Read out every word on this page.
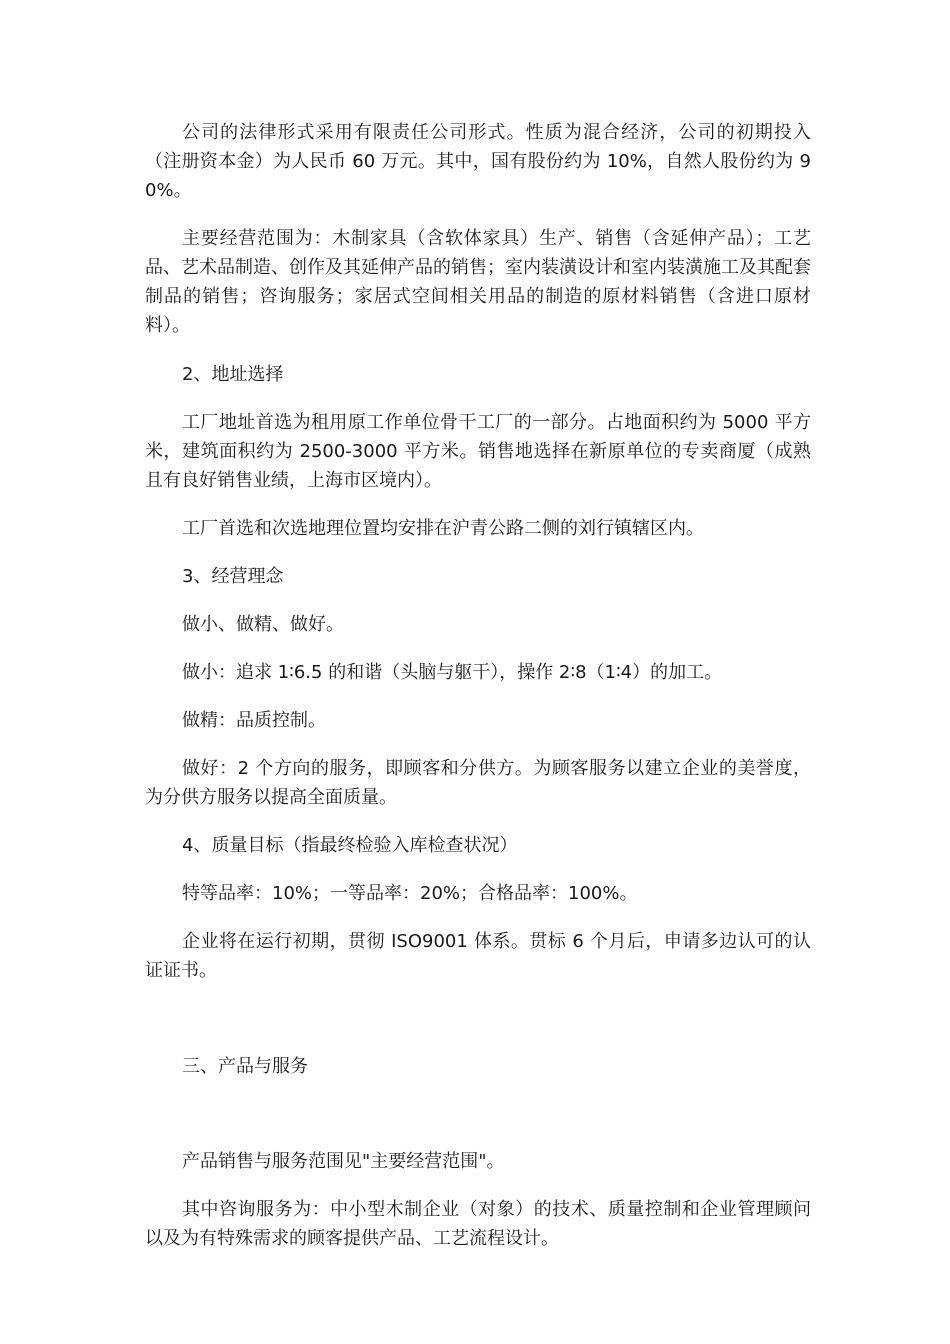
公司的法律形式采用有限责任公司形式。性质为混合经济，公司的初期投入（注册资本金）为人民币 60 万元。其中，国有股份约为 10%，自然人股份约为 90%。

主要经营范围为：木制家具（含软体家具）生产、销售（含延伸产品）；工艺品、艺术品制造、创作及其延伸产品的销售；室内装潢设计和室内装潢施工及其配套制品的销售；咨询服务；家居式空间相关用品的制造的原材料销售（含进口原材料）。

2、地址选择

工厂地址首选为租用原工作单位骨干工厂的一部分。占地面积约为 5000 平方米，建筑面积约为 2500-3000 平方米。销售地选择在新原单位的专卖商厦（成熟且有良好销售业绩，上海市区境内）。

工厂首选和次选地理位置均安排在沪青公路二侧的刘行镇辖区内。

3、经营理念

做小、做精、做好。

做小：追求 1∶6.5 的和谐（头脑与躯干），操作 2∶8（1∶4）的加工。

做精：品质控制。

做好：2 个方向的服务，即顾客和分供方。为顾客服务以建立企业的美誉度，为分供方服务以提高全面质量。

4、质量目标（指最终检验入库检查状况）

特等品率：10%；一等品率：20%；合格品率：100%。

企业将在运行初期，贯彻 ISO9001 体系。贯标 6 个月后，申请多边认可的认证证书。

三、产品与服务

产品销售与服务范围见"主要经营范围"。

其中咨询服务为：中小型木制企业（对象）的技术、质量控制和企业管理顾问以及为有特殊需求的顾客提供产品、工艺流程设计。
